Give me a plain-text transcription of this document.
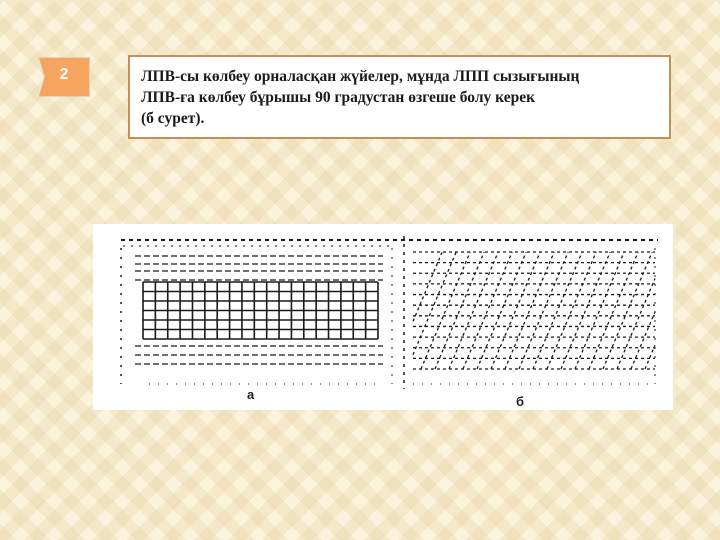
2	ЛПВ-сы көлбеу орналасқан жүйелер, мұнда ЛПП сызығының
ЛПВ-ға көлбеу бұрышы 90 градустан өзгеше болу керек
(б сурет).
а	б
